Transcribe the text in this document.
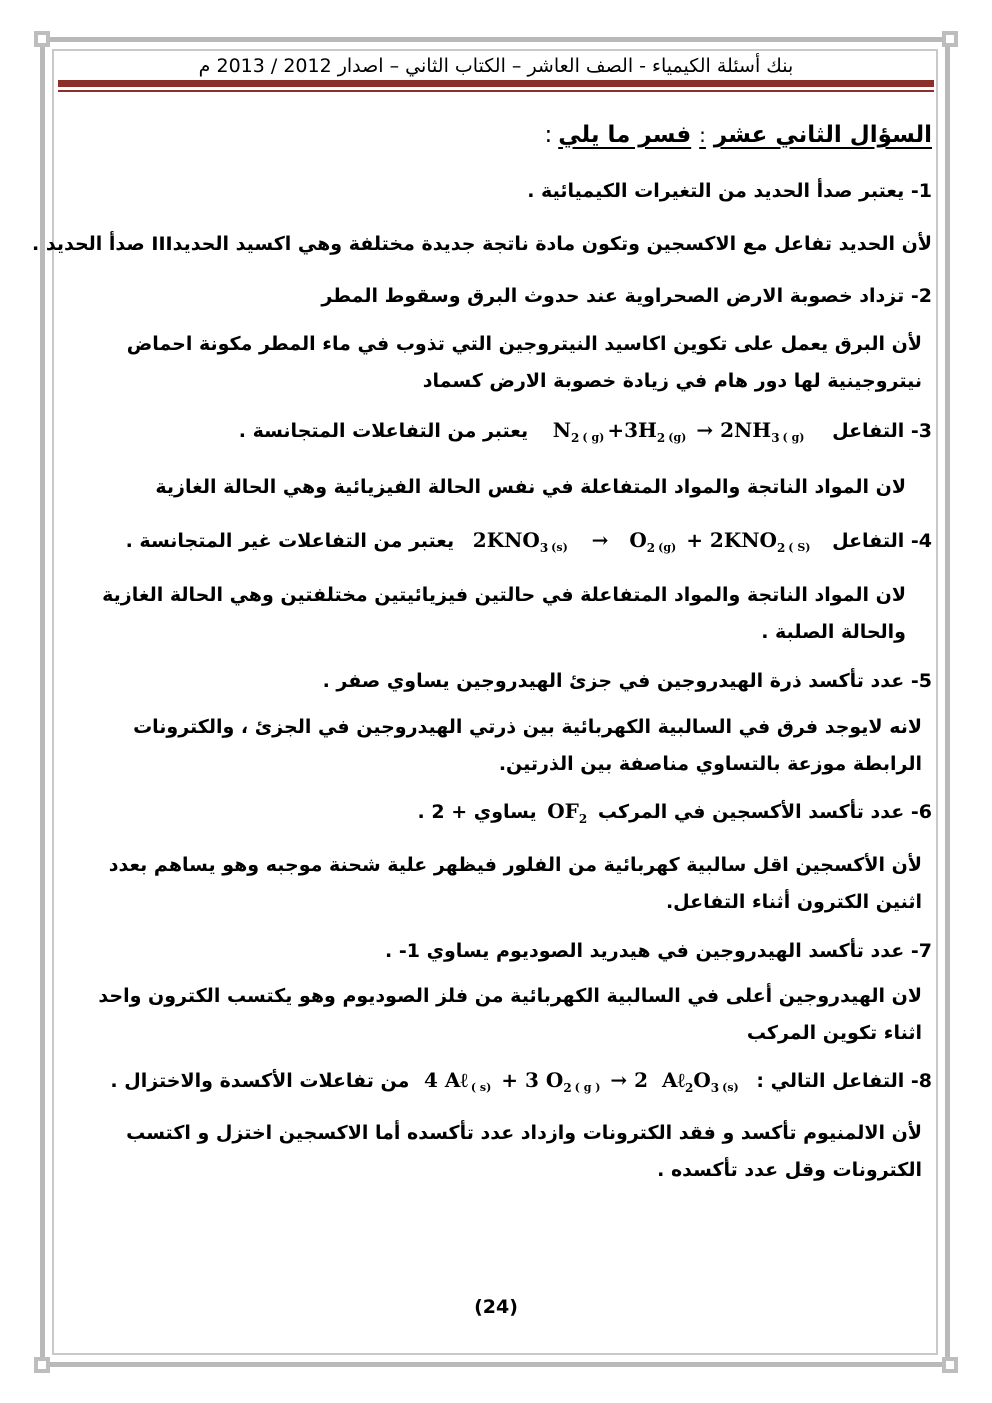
بنك أسئلة الكيمياء - الصف العاشر – الكتاب الثاني – اصدار 2012 / 2013 م
السؤال الثاني عشر:فسر ما يلي:
1- يعتبر صدأ الحديد من التغيرات الكيميائية .
لأن الحديد تفاعل مع الاكسجين وتكون مادة ناتجة جديدة مختلفة وهي اكسيد الحديدIII صدأ الحديد .
2- تزداد خصوبة الارض الصحراوية عند حدوث البرق وسقوط المطر
لأن البرق يعمل على تكوين اكاسيد النيتروجين التي تذوب في ماء المطر مكونة احماض نيتروجينية لها دور هام في زيادة خصوبة الارض كسماد
3- التفاعل $N_2$ $_{( g)} +3H_2$ $_{(g)} \to 2NH_3$ $_{( g)}$ يعتبر من التفاعلات المتجانسة .
لان المواد الناتجة والمواد المتفاعلة في نفس الحالة الفيزيائية وهي الحالة الغازية
4- التفاعل $2KNO_3$ $_{(s)} \to O_2$ $_{(g)} + 2KNO_2$ $_{( S)}$ يعتبر من التفاعلات غير المتجانسة .
لان المواد الناتجة والمواد المتفاعلة في حالتين فيزيائيتين مختلفتين وهي الحالة الغازية والحالة الصلبة .
5- عدد تأكسد ذرة الهيدروجين في جزئ الهيدروجين يساوي صفر .
لانه لايوجد فرق في السالبية الكهربائية بين ذرتي الهيدروجين في الجزئ ، والكترونات الرابطة موزعة بالتساوي مناصفة بين الذرتين.
6- عدد تأكسد الأكسجين في المركب $OF_2$ يساوي + 2 .
لأن الأكسجين اقل سالبية كهربائية من الفلور فيظهر علية شحنة موجبه وهو يساهم بعدد اثنين الكترون أثناء التفاعل.
7- عدد تأكسد الهيدروجين في هيدريد الصوديوم يساوي 1- .
لان الهيدروجين أعلى في السالبية الكهربائية من فلز الصوديوم وهو يكتسب الكترون واحد اثناء تكوين المركب
8- التفاعل التالي : 4 Aℓ $_{( s)}$ + 3 $O_2$ $_{( g )}$ → 2 $A\ell_2O_3$ $_{(s)}$ من تفاعلات الأكسدة والاختزال .
لأن الالمنيوم تأكسد و فقد الكترونات وازداد عدد تأكسده أما الاكسجين اختزل و اكتسب الكترونات وقل عدد تأكسده .
(24)
